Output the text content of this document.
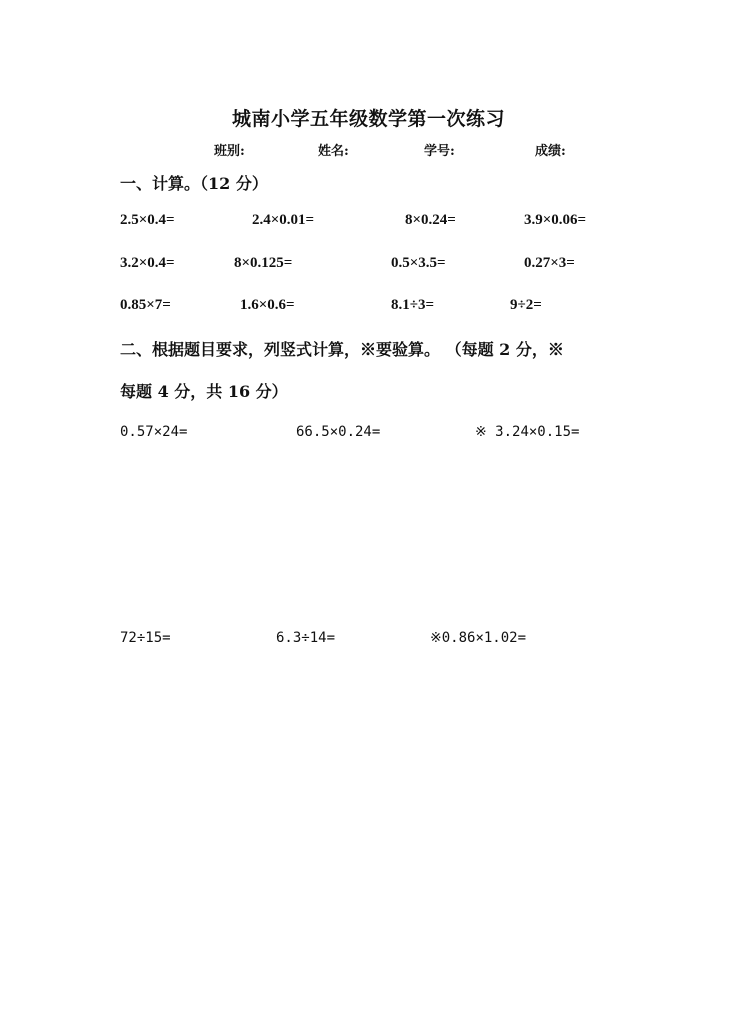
城南小学五年级数学第一次练习
班别:	姓名:	学号:	成绩:
一、计算。（12 分）
2.5×0.4=	2.4×0.01=	8×0.24=	3.9×0.06=
3.2×0.4=	8×0.125=	0.5×3.5=	0.27×3=
0.85×7=	1.6×0.6=	8.1÷3=	9÷2=
二、根据题目要求，列竖式计算，※要验算。 （每题 2 分，※
每题 4 分，共 16 分）
0.57×24=	66.5×0.24=	※ 3.24×0.15=
72÷15=	6.3÷14=	※0.86×1.02=
